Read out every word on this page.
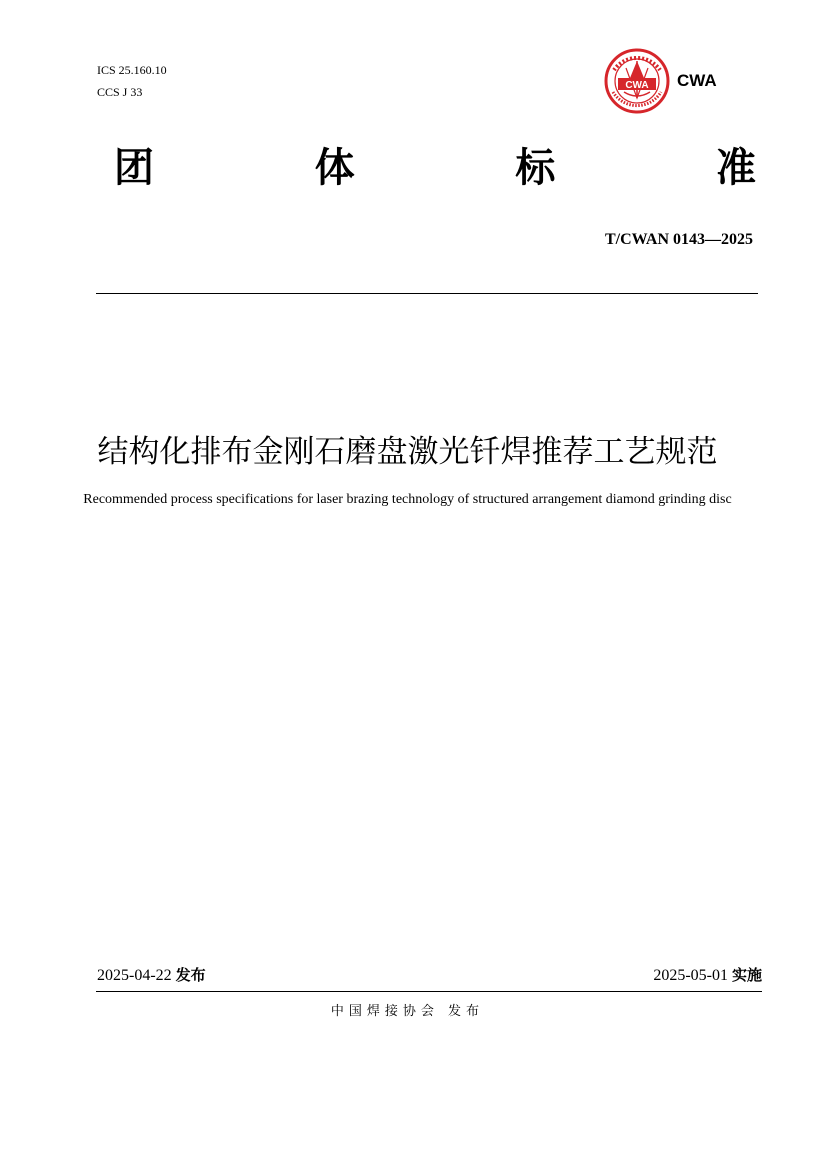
ICS 25.160.10
CCS J 33	CWA CWA
团	体	标	准
T/CWAN 0143—2025
结构化排布金刚石磨盘激光钎焊推荐工艺规范
Recommended process specifications for laser brazing technology of structured arrangement diamond grinding disc
2025-04-22 发布	2025-05-01 实施
中国焊接协会 发布
